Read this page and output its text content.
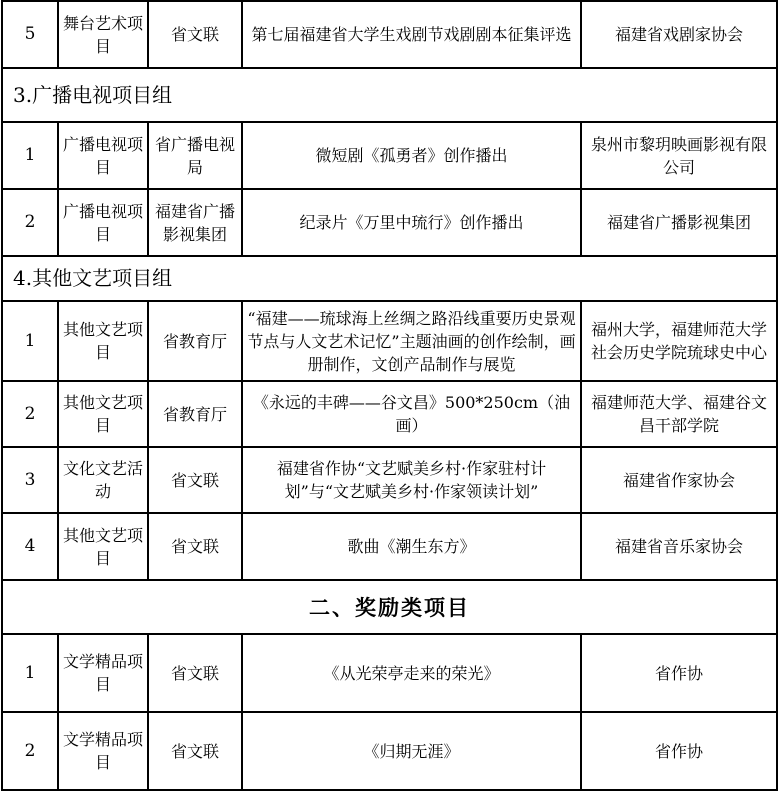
5	舞台艺术项目	省文联	第七届福建省大学生戏剧节戏剧剧本征集评选	福建省戏剧家协会
3.广播电视项目组				
1	广播电视项目	省广播电视局	微短剧《孤勇者》创作播出	泉州市黎玥映画影视有限公司
2	广播电视项目	福建省广播影视集团	纪录片《万里中琉行》创作播出	福建省广播影视集团
4.其他文艺项目组				
1	其他文艺项目	省教育厅	“福建——琉球海上丝绸之路沿线重要历史景观节点与人文艺术记忆”主题油画的创作绘制，画册制作，文创产品制作与展览	福州大学，福建师范大学社会历史学院琉球史中心
2	其他文艺项目	省教育厅	《永远的丰碑——谷文昌》500*250cm（油画）	福建师范大学、福建谷文昌干部学院
3	文化文艺活动	省文联	福建省作协“文艺赋美乡村·作家驻村计划”与“文艺赋美乡村·作家领读计划”	福建省作家协会
4	其他文艺项目	省文联	歌曲《潮生东方》	福建省音乐家协会
二、奖励类项目				
1	文学精品项目	省文联	《从光荣亭走来的荣光》	省作协
2	文学精品项目	省文联	《归期无涯》	省作协
